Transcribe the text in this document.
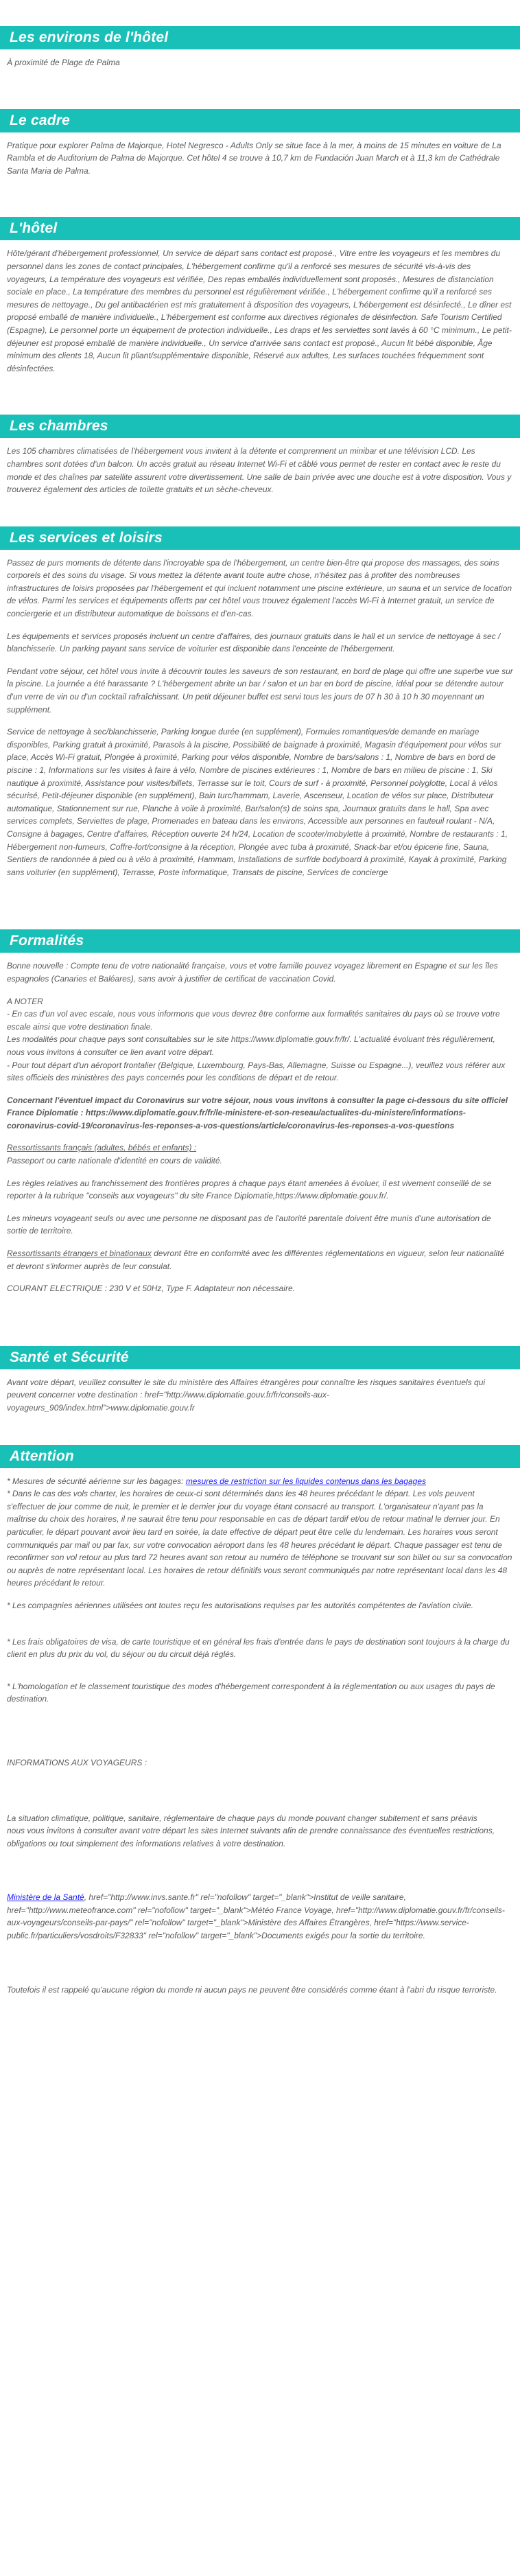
Les environs de l'hôtel

À proximité de Plage de Palma

Le cadre

Pratique pour explorer Palma de Majorque, Hotel Negresco - Adults Only se situe face à la mer, à moins de 15 minutes en voiture de La Rambla et de Auditorium de Palma de Majorque. Cet hôtel 4 se trouve à 10,7 km de Fundación Juan March et à 11,3 km de Cathédrale Santa Maria de Palma.

L'hôtel

Hôte/gérant d'hébergement professionnel, Un service de départ sans contact est proposé., Vitre entre les voyageurs et les membres du personnel dans les zones de contact principales, L'hébergement confirme qu'il a renforcé ses mesures de sécurité vis-à-vis des voyageurs, La température des voyageurs est vérifiée, Des repas emballés individuellement sont proposés., Mesures de distanciation sociale en place., La température des membres du personnel est régulièrement vérifiée., L'hébergement confirme qu'il a renforcé ses mesures de nettoyage., Du gel antibactérien est mis gratuitement à disposition des voyageurs, L'hébergement est désinfecté., Le dîner est proposé emballé de manière individuelle., L'hébergement est conforme aux directives régionales de désinfection. Safe Tourism Certified (Espagne), Le personnel porte un équipement de protection individuelle., Les draps et les serviettes sont lavés à 60 °C minimum., Le petit-déjeuner est proposé emballé de manière individuelle., Un service d'arrivée sans contact est proposé., Aucun lit bébé disponible, Âge minimum des clients 18, Aucun lit pliant/supplémentaire disponible, Réservé aux adultes, Les surfaces touchées fréquemment sont désinfectées.

Les chambres

Les 105 chambres climatisées de l'hébergement vous invitent à la détente et comprennent un minibar et une télévision LCD. Les chambres sont dotées d'un balcon. Un accès gratuit au réseau Internet Wi-Fi et câblé vous permet de rester en contact avec le reste du monde et des chaînes par satellite assurent votre divertissement. Une salle de bain privée avec une douche est à votre disposition. Vous y trouverez également des articles de toilette gratuits et un sèche-cheveux.

Les services et loisirs

Passez de purs moments de détente dans l'incroyable spa de l'hébergement, un centre bien-être qui propose des massages, des soins corporels et des soins du visage. Si vous mettez la détente avant toute autre chose, n'hésitez pas à profiter des nombreuses infrastructures de loisirs proposées par l'hébergement et qui incluent notamment une piscine extérieure, un sauna et un service de location de vélos. Parmi les services et équipements offerts par cet hôtel vous trouvez également l'accès Wi-Fi à Internet gratuit, un service de conciergerie et un distributeur automatique de boissons et d'en-cas.

Les équipements et services proposés incluent un centre d'affaires, des journaux gratuits dans le hall et un service de nettoyage à sec / blanchisserie. Un parking payant sans service de voiturier est disponible dans l'enceinte de l'hébergement.

Pendant votre séjour, cet hôtel vous invite à découvrir toutes les saveurs de son restaurant, en bord de plage qui offre une superbe vue sur la piscine. La journée a été harassante ? L'hébergement abrite un bar / salon et un bar en bord de piscine, idéal pour se détendre autour d'un verre de vin ou d'un cocktail rafraîchissant. Un petit déjeuner buffet est servi tous les jours de 07 h 30 à 10 h 30 moyennant un supplément.

Service de nettoyage à sec/blanchisserie, Parking longue durée (en supplément), Formules romantiques/de demande en mariage disponibles, Parking gratuit à proximité, Parasols à la piscine, Possibilité de baignade à proximité, Magasin d'équipement pour vélos sur place, Accès Wi-Fi gratuit, Plongée à proximité, Parking pour vélos disponible, Nombre de bars/salons : 1, Nombre de bars en bord de piscine : 1, Informations sur les visites à faire à vélo, Nombre de piscines extérieures : 1, Nombre de bars en milieu de piscine : 1, Ski nautique à proximité, Assistance pour visites/billets, Terrasse sur le toit, Cours de surf - à proximité, Personnel polyglotte, Local à vélos sécurisé, Petit-déjeuner disponible (en supplément), Bain turc/hammam, Laverie, Ascenseur, Location de vélos sur place, Distributeur automatique, Stationnement sur rue, Planche à voile à proximité, Bar/salon(s) de soins spa, Journaux gratuits dans le hall, Spa avec services complets, Serviettes de plage, Promenades en bateau dans les environs, Accessible aux personnes en fauteuil roulant - N/A, Consigne à bagages, Centre d'affaires, Réception ouverte 24 h/24, Location de scooter/mobylette à proximité, Nombre de restaurants : 1, Hébergement non-fumeurs, Coffre-fort/consigne à la réception, Plongée avec tuba à proximité, Snack-bar et/ou épicerie fine, Sauna, Sentiers de randonnée à pied ou à vélo à proximité, Hammam, Installations de surf/de bodyboard à proximité, Kayak à proximité, Parking sans voiturier (en supplément), Terrasse, Poste informatique, Transats de piscine, Services de concierge

Formalités

Bonne nouvelle : Compte tenu de votre nationalité française, vous et votre famille pouvez voyagez librement en Espagne et sur les îles espagnoles (Canaries et Baléares), sans avoir à justifier de certificat de vaccination Covid.

A NOTER
- En cas d'un vol avec escale, nous vous informons que vous devrez être conforme aux formalités sanitaires du pays où se trouve votre escale ainsi que votre destination finale.
Les modalités pour chaque pays sont consultables sur le site https://www.diplomatie.gouv.fr/fr/. L'actualité évoluant très régulièrement, nous vous invitons à consulter ce lien avant votre départ.

- Pour tout départ d'un aéroport frontalier (Belgique, Luxembourg, Pays-Bas, Allemagne, Suisse ou Espagne...), veuillez vous référer aux sites officiels des ministères des pays concernés pour les conditions de départ et de retour.

Concernant l'éventuel impact du Coronavirus sur votre séjour, nous vous invitons à consulter la page ci-dessous du site officiel France Diplomatie : https://www.diplomatie.gouv.fr/fr/le-ministere-et-son-reseau/actualites-du-ministere/informations-coronavirus-covid-19/coronavirus-les-reponses-a-vos-questions/article/coronavirus-les-reponses-a-vos-questions

Ressortissants français (adultes, bébés et enfants) :

Passeport ou carte nationale d'identité en cours de validité.

Les règles relatives au franchissement des frontières propres à chaque pays étant amenées à évoluer, il est vivement conseillé de se reporter à la rubrique "conseils aux voyageurs" du site France Diplomatie,https://www.diplomatie.gouv.fr/.

Les mineurs voyageant seuls ou avec une personne ne disposant pas de l'autorité parentale doivent être munis d'une autorisation de sortie de territoire.

Ressortissants étrangers et binationaux devront être en conformité avec les différentes réglementations en vigueur, selon leur nationalité et devront s'informer auprès de leur consulat.

COURANT ELECTRIQUE : 230 V et 50Hz, Type F. Adaptateur non nécessaire.

Santé et Sécurité

Avant votre départ, veuillez consulter le site du ministère des Affaires étrangères pour connaître les risques sanitaires éventuels qui peuvent concerner votre destination : href="http://www.diplomatie.gouv.fr/fr/conseils-aux-voyageurs_909/index.html">www.diplomatie.gouv.fr

Attention
* Mesures de sécurité aérienne sur les bagages: mesures de restriction sur les liquides contenus dans les bagages

* Dans le cas des vols charter, les horaires de ceux-ci sont déterminés dans les 48 heures précédant le départ. Les vols peuvent s'effectuer de jour comme de nuit, le premier et le dernier jour du voyage étant consacré au transport. L'organisateur n'ayant pas la maîtrise du choix des horaires, il ne saurait être tenu pour responsable en cas de départ tardif et/ou de retour matinal le dernier jour. En particulier, le départ pouvant avoir lieu tard en soirée, la date effective de départ peut être celle du lendemain. Les horaires vous seront communiqués par mail ou par fax, sur votre convocation aéroport dans les 48 heures précédant le départ. Chaque passager est tenu de reconfirmer son vol retour au plus tard 72 heures avant son retour au numéro de téléphone se trouvant sur son billet ou sur sa convocation ou auprès de notre représentant local. Les horaires de retour définitifs vous seront communiqués par notre représentant local dans les 48 heures précédant le retour.

* Les compagnies aériennes utilisées ont toutes reçu les autorisations requises par les autorités compétentes de l'aviation civile.

* Les frais obligatoires de visa, de carte touristique et en général les frais d'entrée dans le pays de destination sont toujours à la charge du client en plus du prix du vol, du séjour ou du circuit déjà réglés.

* L'homologation et le classement touristique des modes d'hébergement correspondent à la réglementation ou aux usages du pays de destination.

INFORMATIONS AUX VOYAGEURS :

La situation climatique, politique, sanitaire, réglementaire de chaque pays du monde pouvant changer subitement et sans préavis
nous vous invitons à consulter avant votre départ les sites Internet suivants afin de prendre connaissance des éventuelles restrictions, obligations ou tout simplement des informations relatives à votre destination.

Ministère de la Santé, href="http://www.invs.sante.fr" rel="nofollow" target="_blank">Institut de veille sanitaire, href="http://www.meteofrance.com" rel="nofollow" target="_blank">Météo France Voyage, href="http://www.diplomatie.gouv.fr/fr/conseils-aux-voyageurs/conseils-par-pays/" rel="nofollow" target="_blank">Ministère des Affaires Étrangères, href="https://www.service-public.fr/particuliers/vosdroits/F32833" rel="nofollow" target="_blank">Documents exigés pour la sortie du territoire.

Toutefois il est rappelé qu'aucune région du monde ni aucun pays ne peuvent être considérés comme étant à l'abri du risque terroriste.
